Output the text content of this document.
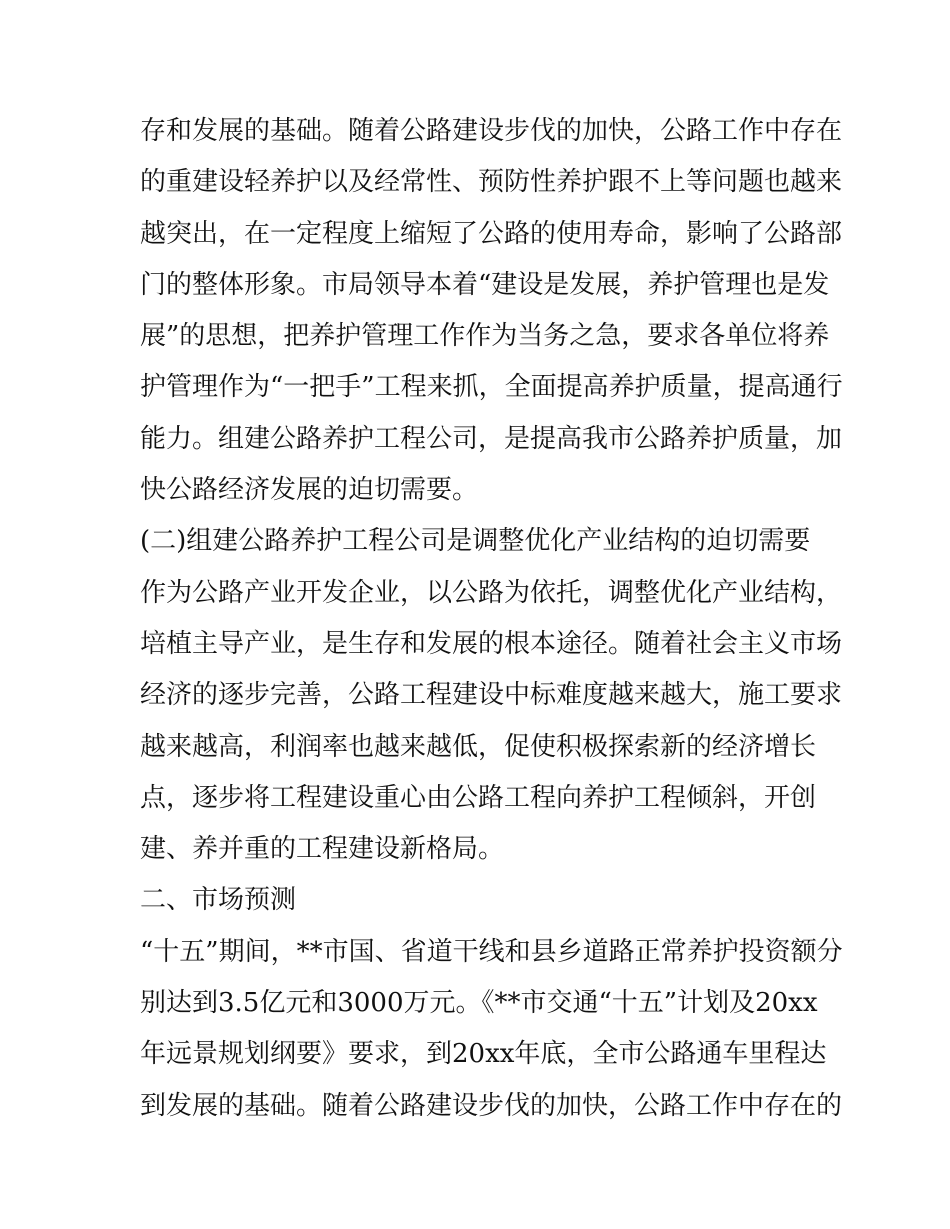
存和发展的基础。随着公路建设步伐的加快，公路工作中存在
的重建设轻养护以及经常性、预防性养护跟不上等问题也越来
越突出，在一定程度上缩短了公路的使用寿命，影响了公路部
门的整体形象。市局领导本着“建设是发展，养护管理也是发
展”的思想，把养护管理工作作为当务之急，要求各单位将养
护管理作为“一把手”工程来抓，全面提高养护质量，提高通行
能力。组建公路养护工程公司，是提高我市公路养护质量，加
快公路经济发展的迫切需要。
(二)组建公路养护工程公司是调整优化产业结构的迫切需要
作为公路产业开发企业，以公路为依托，调整优化产业结构，
培植主导产业，是生存和发展的根本途径。随着社会主义市场
经济的逐步完善，公路工程建设中标难度越来越大，施工要求
越来越高，利润率也越来越低，促使积极探索新的经济增长
点，逐步将工程建设重心由公路工程向养护工程倾斜，开创
建、养并重的工程建设新格局。
二、市场预测
“十五”期间，**市国、省道干线和县乡道路正常养护投资额分
别达到3.5亿元和3000万元。《**市交通“十五”计划及20xx
年远景规划纲要》要求，到20xx年底，全市公路通车里程达
到发展的基础。随着公路建设步伐的加快，公路工作中存在的
